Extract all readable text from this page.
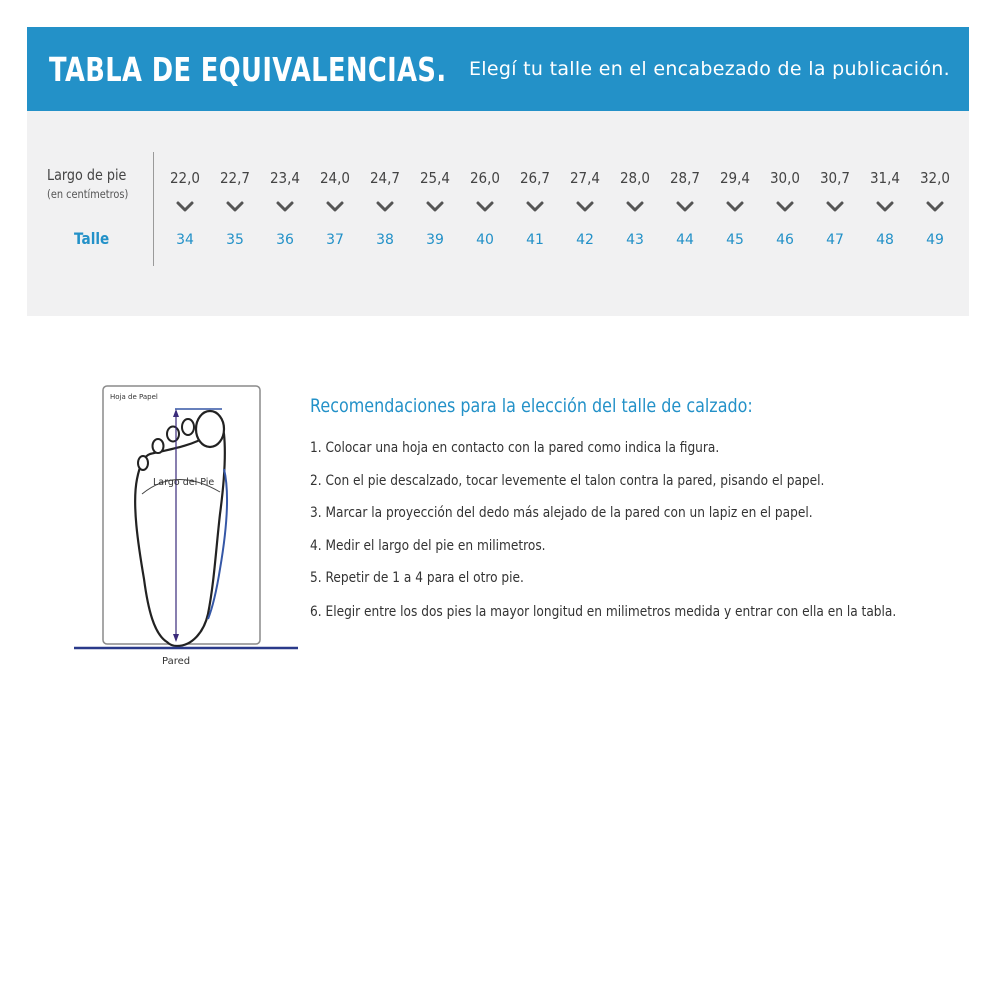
TABLA DE EQUIVALENCIAS. Elegí tu talle en el encabezado de la publicación.
Largo de pie
(en centímetros)
Talle
22,0
34
22,7
35
23,4
36
24,0
37
24,7
38
25,4
39
26,0
40
26,7
41
27,4
42
28,0
43
28,7
44
29,4
45
30,0
46
30,7
47
31,4
48
32,0
49
Hoja de Papel
Largo del Pie
Pared
Recomendaciones para la elección del talle de calzado:
1. Colocar una hoja en contacto con la pared como indica la figura.
2. Con el pie descalzado, tocar levemente el talon contra la pared, pisando el papel.
3. Marcar la proyección del dedo más alejado de la pared con un lapiz en el papel.
4. Medir el largo del pie en milimetros.
5. Repetir de 1 a 4 para el otro pie.
6. Elegir entre los dos pies la mayor longitud en milimetros medida y entrar con ella en la tabla.
